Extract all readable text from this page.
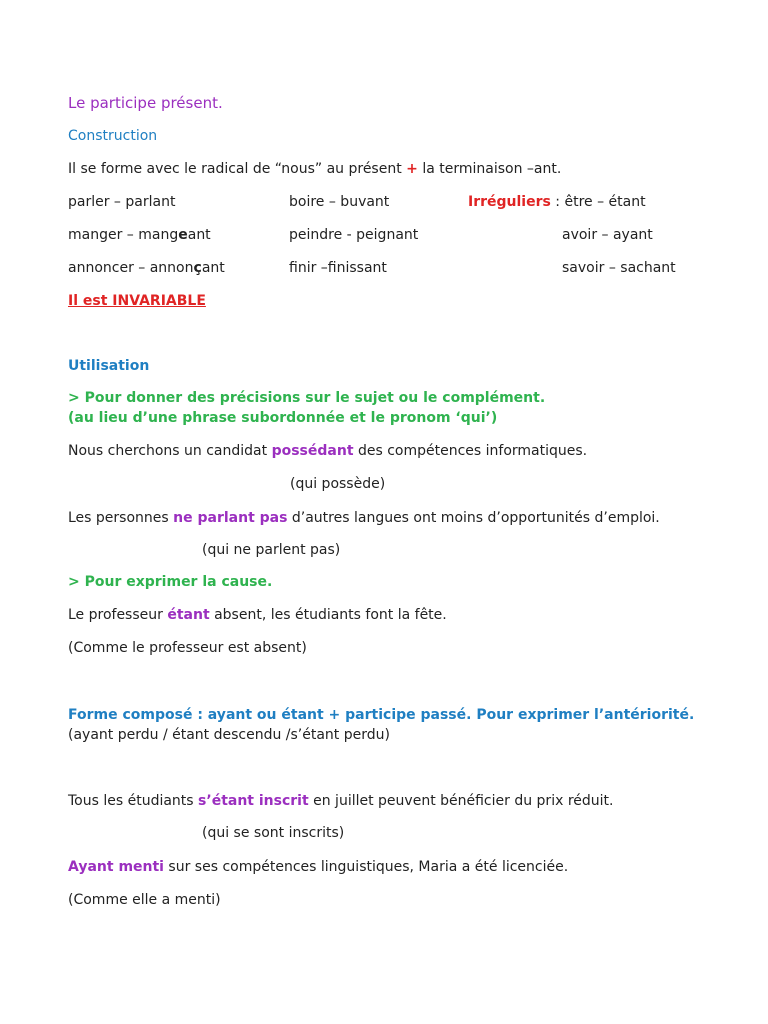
Le participe présent.
Construction
Il se forme avec le radical de “nous” au présent + la terminaison –ant.
parler – parlant	boire – buvant	Irréguliers : être – étant
manger – mangeant	peindre - peignant	avoir – ayant
annoncer – annonçant	finir –finissant	savoir – sachant
Il est INVARIABLE
Utilisation
> Pour donner des précisions sur le sujet ou le complément.
(au lieu d’une phrase subordonnée et le pronom ‘qui’)
Nous cherchons un candidat possédant des compétences informatiques.
(qui possède)
Les personnes ne parlant pas d’autres langues ont moins d’opportunités d’emploi.
(qui ne parlent pas)
> Pour exprimer la cause.
Le professeur étant absent, les étudiants font la fête.
(Comme le professeur est absent)
Forme composé : ayant ou étant + participe passé. Pour exprimer l’antériorité.
(ayant perdu / étant descendu /s’étant perdu)
Tous les étudiants s’étant inscrit en juillet peuvent bénéficier du prix réduit.
(qui se sont inscrits)
Ayant menti sur ses compétences linguistiques, Maria a été licenciée.
(Comme elle a menti)
